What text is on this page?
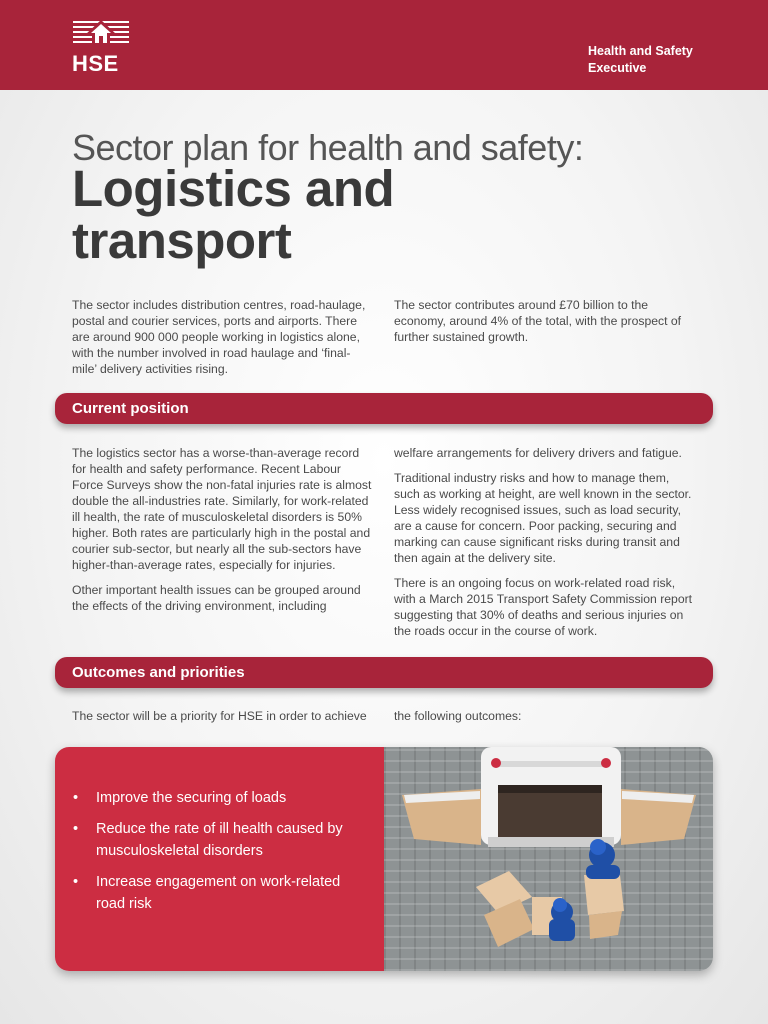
HSE	Health and Safety
Executive
Sector plan for health and safety:
Logistics and
transport

The sector includes distribution centres, road-haulage, postal and courier services, ports and airports. There are around 900 000 people working in logistics alone, with the number involved in road haulage and ‘final-mile’ delivery activities rising.

The sector contributes around £70 billion to the economy, around 4% of the total, with the prospect of further sustained growth.

Current position

The logistics sector has a worse-than-average record for health and safety performance. Recent Labour Force Surveys show the non-fatal injuries rate is almost double the all-industries rate. Similarly, for work-related ill health, the rate of musculoskeletal disorders is 50% higher. Both rates are particularly high in the postal and courier sub-sector, but nearly all the sub-sectors have higher-than-average rates, especially for injuries.

Other important health issues can be grouped around the effects of the driving environment, including

welfare arrangements for delivery drivers and fatigue.

Traditional industry risks and how to manage them, such as working at height, are well known in the sector. Less widely recognised issues, such as load security, are a cause for concern. Poor packing, securing and marking can cause significant risks during transit and then again at the delivery site.

There is an ongoing focus on work-related road risk, with a March 2015 Transport Safety Commission report suggesting that 30% of deaths and serious injuries on the roads occur in the course of work.

Outcomes and priorities

The sector will be a priority for HSE in order to achieve	the following outcomes:

• Improve the securing of loads
• Reduce the rate of ill health caused by musculoskeletal disorders
• Increase engagement on work-related road risk
